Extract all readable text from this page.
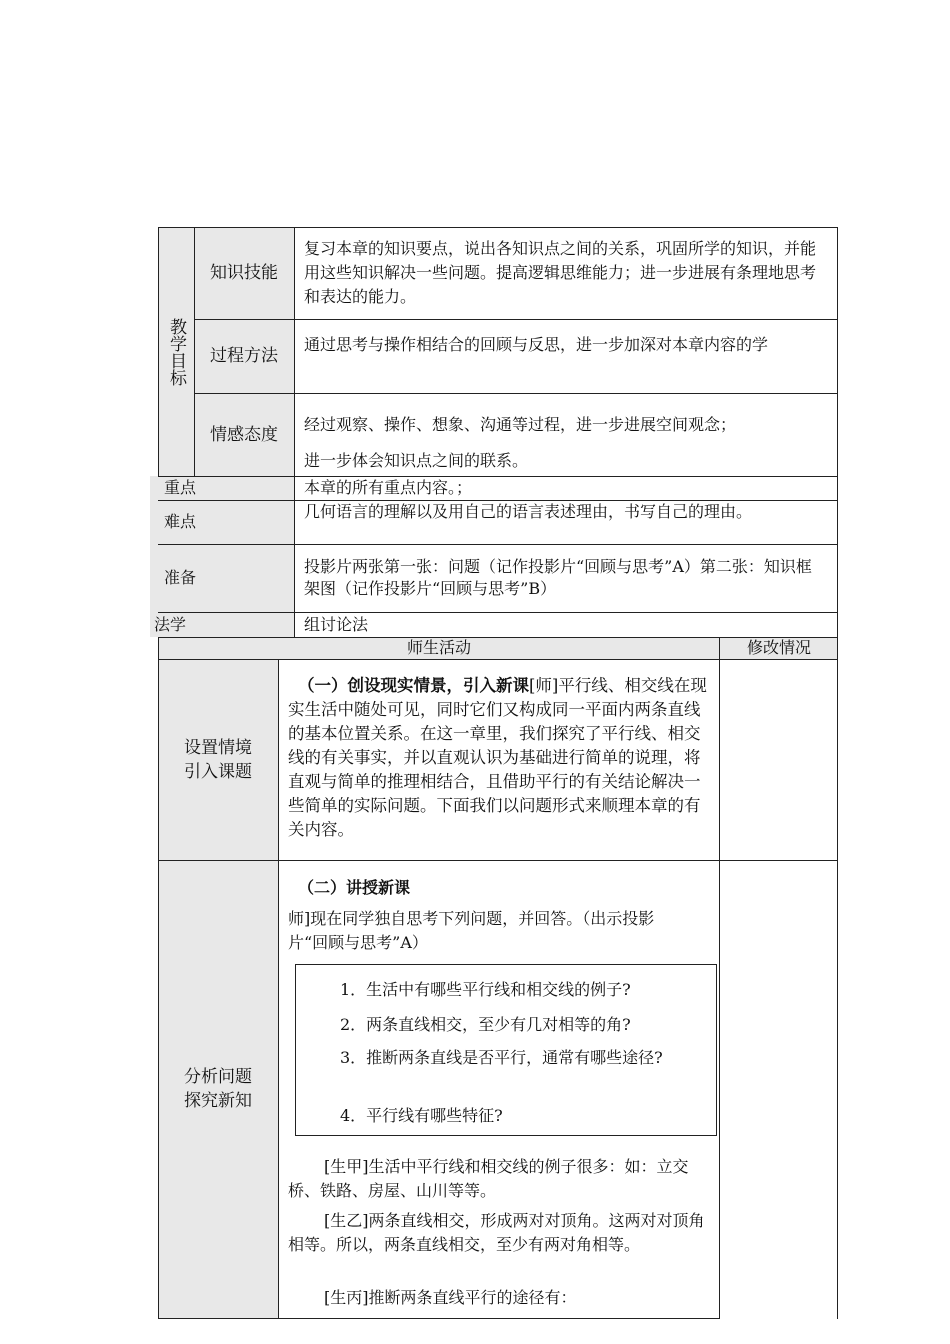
教学目标
知识技能
过程方法
情感态度
复习本章的知识要点，说出各知识点之间的关系，巩固所学的知识，并能用这些知识解决一些问题。提高逻辑思维能力；进一步进展有条理地思考和表达的能力。
通过思考与操作相结合的回顾与反思，进一步加深对本章内容的学

经过观察、操作、想象、沟通等过程，进一步进展空间观念；

进一步体会知识点之间的联系。

重点
难点
准备
法学
本章的所有重点内容。；
几何语言的理解以及用自己的语言表述理由，书写自己的理由。
投影片两张第一张：问题（记作投影片“回顾与思考”A）第二张：知识框架图（记作投影片“回顾与思考”B）
组讨论法
师生活动	修改情况
设置情境
引入课题
（一）创设现实情景，引入新课[师]平行线、相交线在现实生活中随处可见，同时它们又构成同一平面内两条直线的基本位置关系。在这一章里，我们探究了平行线、相交线的有关事实，并以直观认识为基础进行简单的说理，将直观与简单的推理相结合，且借助平行的有关结论解决一些简单的实际问题。下面我们以问题形式来顺理本章的有关内容。
分析问题
探究新知
（二）讲授新课
师]现在同学独自思考下列问题，并回答。（出示投影片“回顾与思考”A）
1．生活中有哪些平行线和相交线的例子?
2．两条直线相交，至少有几对相等的角?
3．推断两条直线是否平行，通常有哪些途径?
4．平行线有哪些特征?
[生甲]生活中平行线和相交线的例子很多：如：立交桥、铁路、房屋、山川等等。
[生乙]两条直线相交，形成两对对顶角。这两对对顶角相等。所以，两条直线相交，至少有两对角相等。
[生丙]推断两条直线平行的途径有：
